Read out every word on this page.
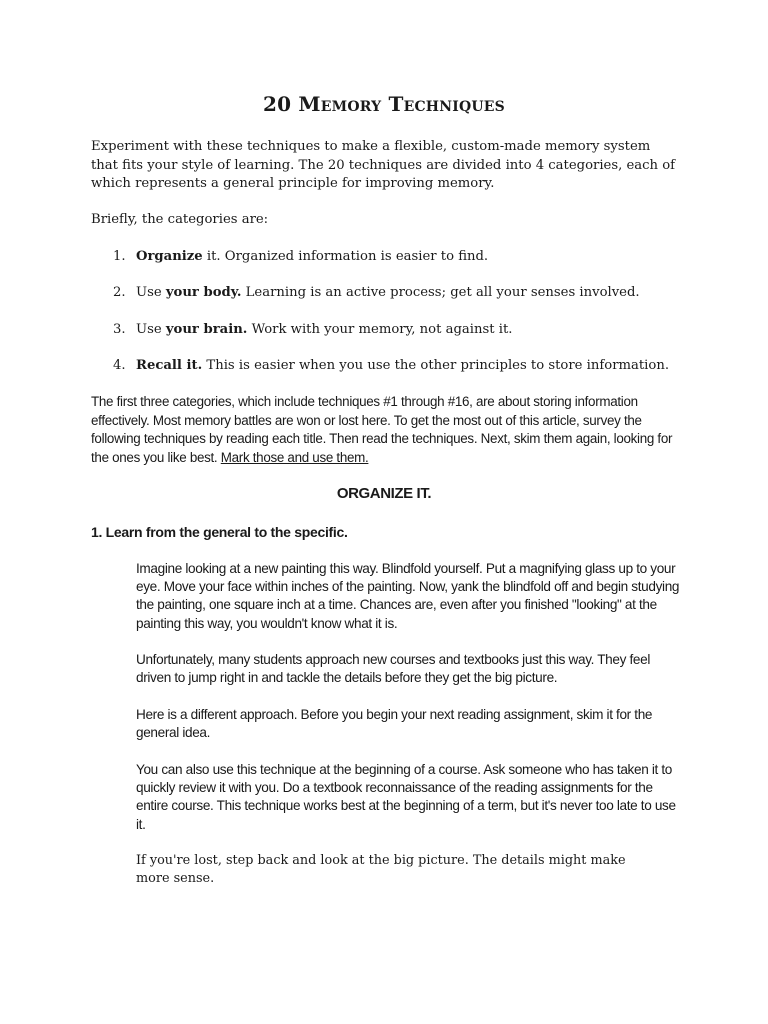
20 Memory Techniques
Experiment with these techniques to make a flexible, custom-made memory system that fits your style of learning. The 20 techniques are divided into 4 categories, each of which represents a general principle for improving memory.
Briefly, the categories are:
1. Organize it. Organized information is easier to find.
2. Use your body. Learning is an active process; get all your senses involved.
3. Use your brain. Work with your memory, not against it.
4. Recall it. This is easier when you use the other principles to store information.
The first three categories, which include techniques #1 through #16, are about storing information effectively. Most memory battles are won or lost here. To get the most out of this article, survey the following techniques by reading each title. Then read the techniques. Next, skim them again, looking for the ones you like best. Mark those and use them.
ORGANIZE IT.
1. Learn from the general to the specific.
Imagine looking at a new painting this way. Blindfold yourself. Put a magnifying glass up to your eye. Move your face within inches of the painting. Now, yank the blindfold off and begin studying the painting, one square inch at a time. Chances are, even after you finished "looking" at the painting this way, you wouldn't know what it is.
Unfortunately, many students approach new courses and textbooks just this way. They feel driven to jump right in and tackle the details before they get the big picture.
Here is a different approach. Before you begin your next reading assignment, skim it for the general idea.
You can also use this technique at the beginning of a course. Ask someone who has taken it to quickly review it with you. Do a textbook reconnaissance of the reading assignments for the entire course. This technique works best at the beginning of a term, but it's never too late to use it.
If you're lost, step back and look at the big picture. The details might make more sense.
